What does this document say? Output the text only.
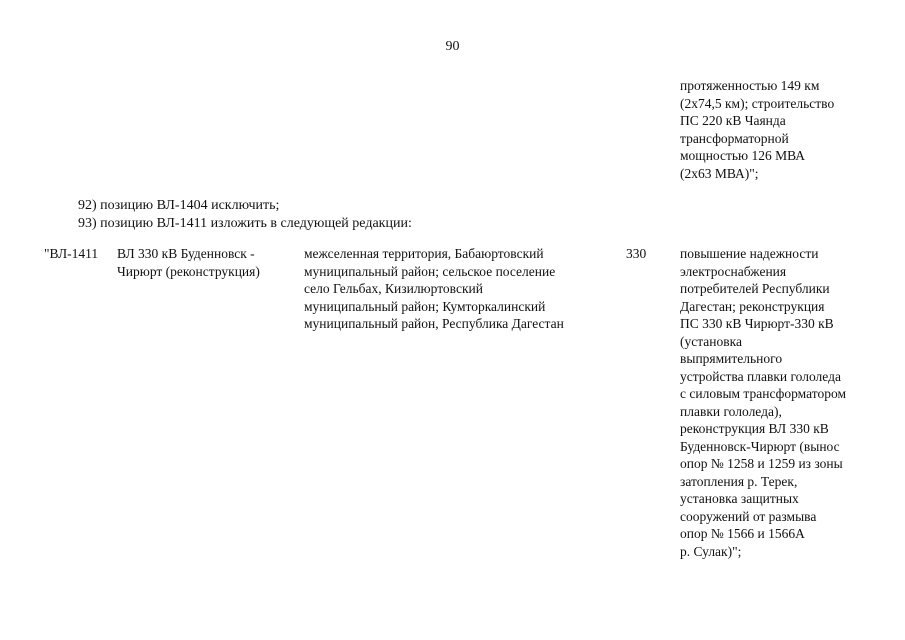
90
протяженностью 149 км
(2х74,5 км); строительство
ПС 220 кВ Чаянда
трансформаторной
мощностью 126 МВА
(2х63 МВА)";
92) позицию ВЛ-1404 исключить;
93) позицию ВЛ-1411 изложить в следующей редакции:
"ВЛ-1411	ВЛ 330 кВ Буденновск -
Чирюрт (реконструкция)
межселенная территория, Бабаюртовский
муниципальный район; сельское поселение
село Гельбах, Кизилюртовский
муниципальный район; Кумторкалинский
муниципальный район, Республика Дагестан
330	повышение надежности
электроснабжения
потребителей Республики
Дагестан; реконструкция
ПС 330 кВ Чирюрт-330 кВ
(установка
выпрямительного
устройства плавки гололеда
с силовым трансформатором
плавки гололеда),
реконструкция ВЛ 330 кВ
Буденновск-Чирюрт (вынос
опор № 1258 и 1259 из зоны
затопления р. Терек,
установка защитных
сооружений от размыва
опор № 1566 и 1566А
р. Сулак)";
